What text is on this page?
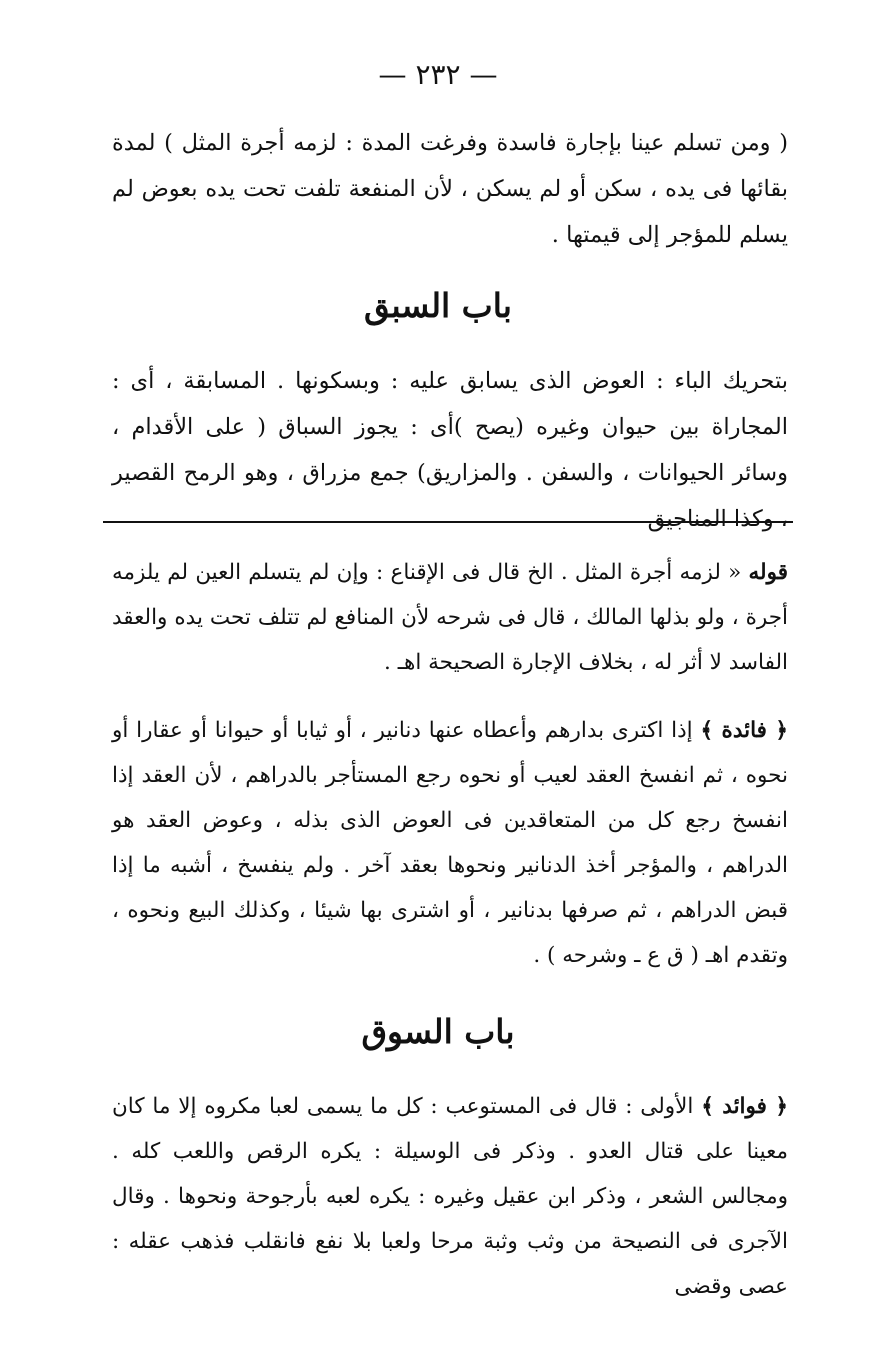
— ٢٣٢ —

( ومن تسلم عينا بإجارة فاسدة وفرغت المدة : لزمه أجرة المثل ) لمدة بقائها فى يده ، سكن أو لم يسكن ، لأن المنفعة تلفت تحت يده بعوض لم يسلم للمؤجر إلى قيمتها .

باب السبق

بتحريك الباء : العوض الذى يسابق عليه : وبسكونها . المسابقة ، أى : المجاراة بين حيوان وغيره (يصح )أى : يجوز السباق ( على الأقدام ، وسائر الحيوانات ، والسفن . والمزاريق) جمع مزراق ، وهو الرمح القصير ، وكذا المناجيق

قوله « لزمه أجرة المثل . الخ قال فى الإقناع : وإن لم يتسلم العين لم يلزمه أجرة ، ولو بذلها المالك ، قال فى شرحه لأن المنافع لم تتلف تحت يده والعقد الفاسد لا أثر له ، بخلاف الإجارة الصحيحة اهـ .

﴿ فائدة ﴾ إذا اكترى بدارهم وأعطاه عنها دنانير ، أو ثيابا أو حيوانا أو عقارا أو نحوه ، ثم انفسخ العقد لعيب أو نحوه رجع المستأجر بالدراهم ، لأن العقد إذا انفسخ رجع كل من المتعاقدين فى العوض الذى بذله ، وعوض العقد هو الدراهم ، والمؤجر أخذ الدنانير ونحوها بعقد آخر . ولم ينفسخ ، أشبه ما إذا قبض الدراهم ، ثم صرفها بدنانير ، أو اشترى بها شيئا ، وكذلك البيع ونحوه ، وتقدم اهـ ( ق ع ـ وشرحه ) .

باب السوق

﴿ فوائد ﴾ الأولى : قال فى المستوعب : كل ما يسمى لعبا مكروه إلا ما كان معينا على قتال العدو . وذكر فى الوسيلة : يكره الرقص واللعب كله . ومجالس الشعر ، وذكر ابن عقيل وغيره : يكره لعبه بأرجوحة ونحوها . وقال الآجرى فى النصيحة من وثب وثبة مرحا ولعبا بلا نفع فانقلب فذهب عقله : عصى وقضى
